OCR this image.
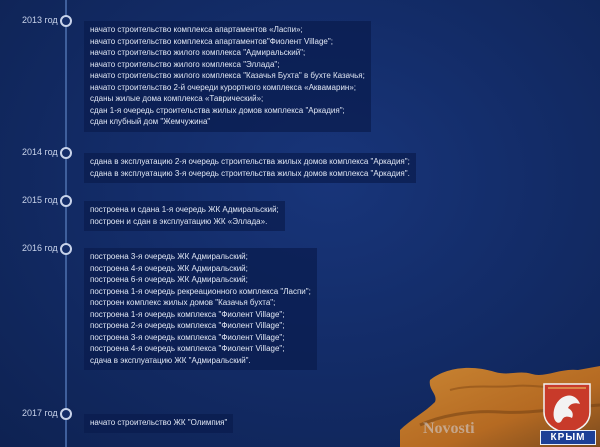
2013 год
начато строительство комплекса апартаментов «Ласпи»;
начато строительство комплекса апартаментов"Фиолент Village";
начато строительство жилого комплекса "Адмиральский";
начато строительство жилого комплекса "Эллада";
начато строительство жилого комплекса "Казачья Бухта" в бухте Казачья;
начато строительство 2-й очереди курортного комплекса «Аквамарин»;
сданы жилые дома комплекса «Таврический»;
сдан 1-я очередь строительства жилых домов комплекса "Аркадия";
сдан клубный дом "Жемчужина"
2014 год
сдана в эксплуатацию 2-я очередь строительства жилых домов комплекса "Аркадия";
сдана в эксплуатацию 3-я очередь строительства жилых домов комплекса "Аркадия".
2015 год
построена и сдана 1-я очередь ЖК Адмиральский;
построен и сдан в эксплуатацию ЖК «Эллада».
2016 год
построена 3-я очередь ЖК Адмиральский;
построена 4-я очередь ЖК Адмиральский;
построена 6-я очередь ЖК Адмиральский;
построена 1-я очередь рекреационного комплекса "Ласпи";
построен комплекс жилых домов "Казачья бухта";
построена 1-я очередь комплекса "Фиолент Village";
построена 2-я очередь комплекса "Фиолент Village";
построена 3-я очередь комплекса "Фиолент Village";
построена 4-я очередь комплекса "Фиолент Village";
сдача в эксплуатацию ЖК "Адмиральский".
2017 год
начато строительство ЖК "Олимпия"	Novosti
КРЫМ
